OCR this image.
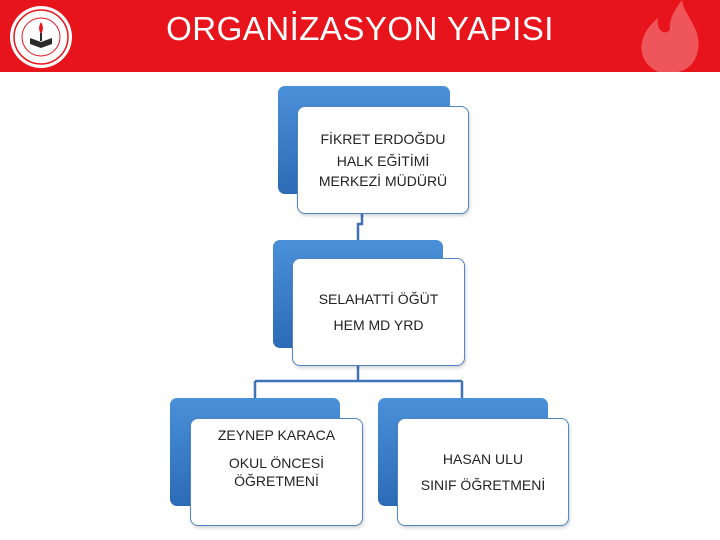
ORGANİZASYON YAPISI
FİKRET ERDOĞDU
HALK EĞİTİMİ
MERKEZİ MÜDÜRÜ
SELAHATTİ ÖĞÜT
HEM MD YRD
ZEYNEP KARACA
OKUL ÖNCESİ
ÖĞRETMENİ
HASAN ULU
SINIF ÖĞRETMENİ
